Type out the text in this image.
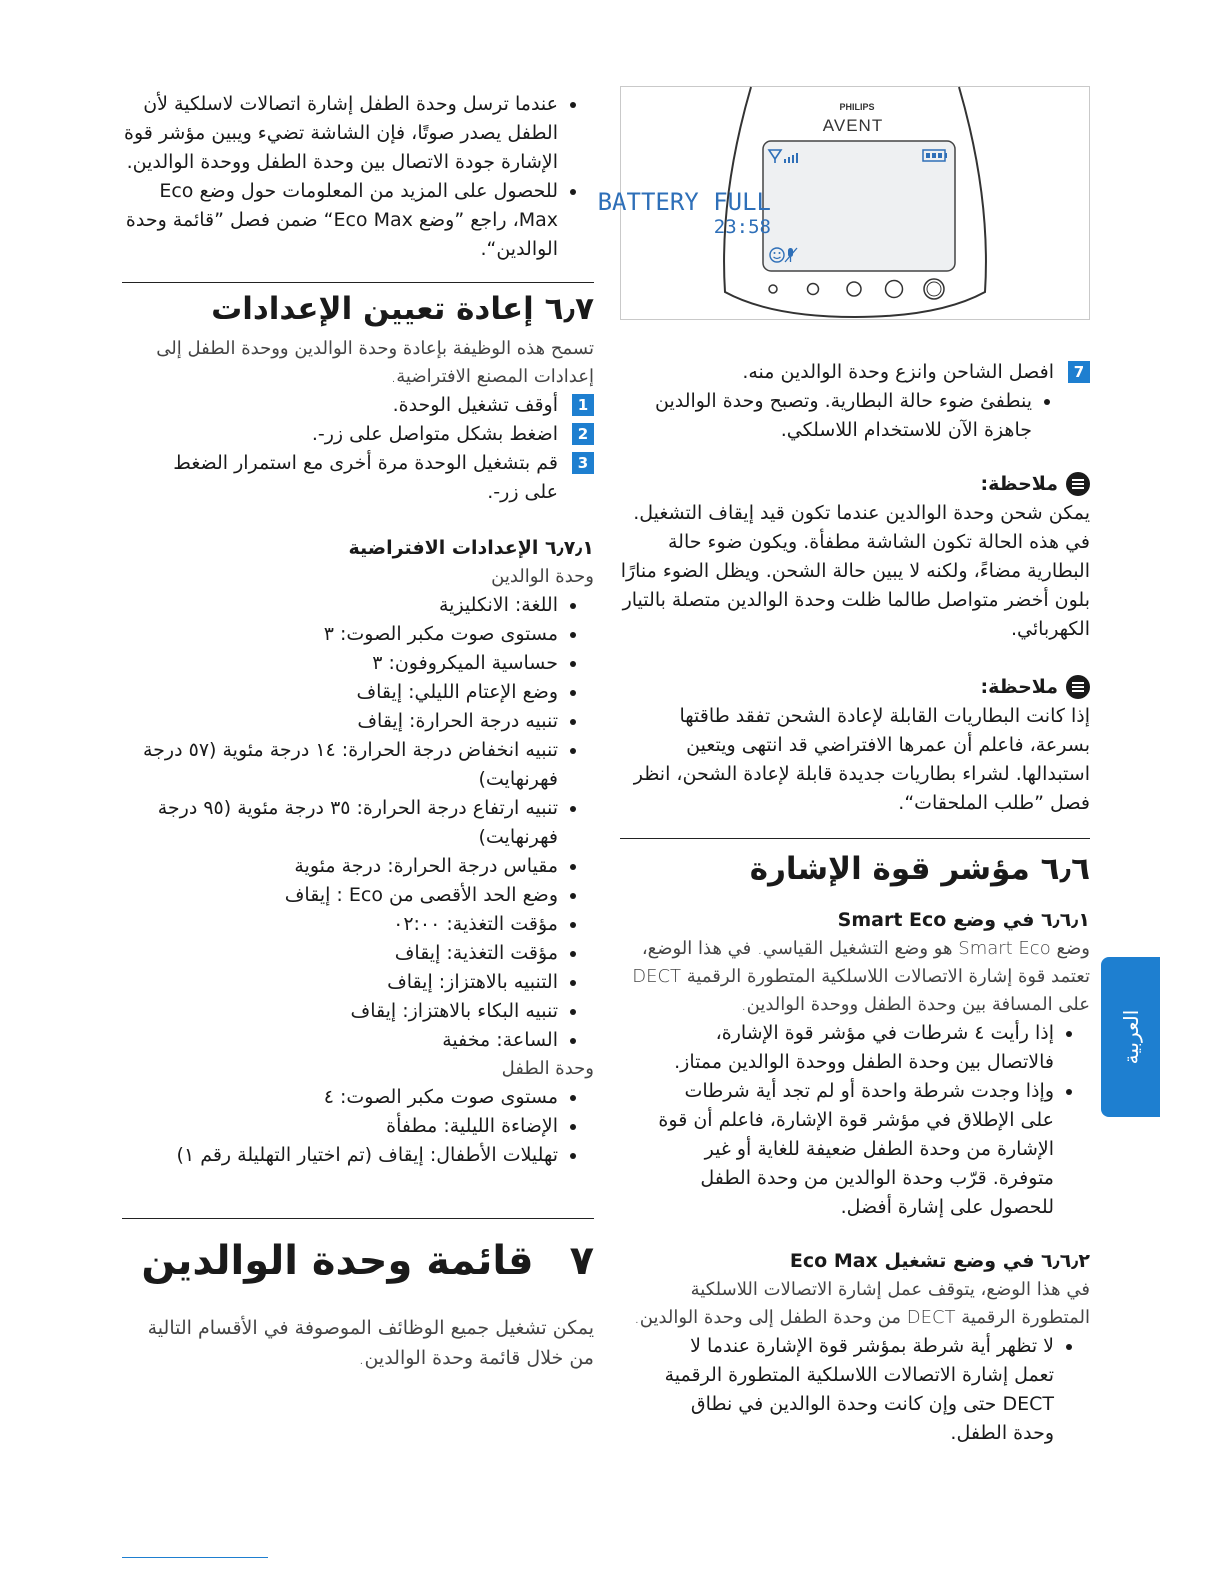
• عندما ترسل وحدة الطفل إشارة اتصالات لاسلكية لأن الطفل يصدر صوتًا، فإن الشاشة تضيء ويبين مؤشر قوة الإشارة جودة الاتصال بين وحدة الطفل ووحدة الوالدين.
• للحصول على المزيد من المعلومات حول وضع Eco Max، راجع ”وضع Eco Max“ ضمن فصل ”قائمة وحدة الوالدين“.
٦٫٧ إعادة تعيين الإعدادات

تسمح هذه الوظيفة بإعادة وحدة الوالدين ووحدة الطفل إلى إعدادات المصنع الافتراضية.

1
أوقف تشغيل الوحدة.
2
اضغط بشكل متواصل على زر-.
3
قم بتشغيل الوحدة مرة أخرى مع استمرار الضغط على زر-.
٦٫٧٫١ الإعدادات الافتراضية

وحدة الوالدين

• اللغة: الانكليزية
• مستوى صوت مكبر الصوت: ٣
• حساسية الميكروفون: ٣
• وضع الإعتام الليلي: إيقاف
• تنبيه درجة الحرارة: إيقاف
• تنبيه انخفاض درجة الحرارة: ١٤ درجة مئوية (٥٧ درجة فهرنهايت)
• تنبيه ارتفاع درجة الحرارة: ٣٥ درجة مئوية (٩٥ درجة فهرنهايت)
• مقياس درجة الحرارة: درجة مئوية
• وضع الحد الأقصى من Eco : إيقاف
• مؤقت التغذية: ٠٢:٠٠
• مؤقت التغذية: إيقاف
• التنبيه بالاهتزاز: إيقاف
• تنبيه البكاء بالاهتزاز: إيقاف
• الساعة: مخفية

وحدة الطفل

• مستوى صوت مكبر الصوت: ٤
• الإضاءة الليلية: مطفأة
• تهليلات الأطفال: إيقاف (تم اختيار التهليلة رقم ١)
٧قائمة وحدة الوالدين

يمكن تشغيل جميع الوظائف الموصوفة في الأقسام التالية من خلال قائمة وحدة الوالدين.

PHILIPS
AVENT
BATTERY FULL
23:58
7
افصل الشاحن وانزع وحدة الوالدين منه.
• ينطفئ ضوء حالة البطارية. وتصبح وحدة الوالدين جاهزة الآن للاستخدام اللاسلكي.
ملاحظة:

يمكن شحن وحدة الوالدين عندما تكون قيد إيقاف التشغيل. في هذه الحالة تكون الشاشة مطفأة. ويكون ضوء حالة البطارية مضاءً، ولكنه لا يبين حالة الشحن. ويظل الضوء منارًا بلون أخضر متواصل طالما ظلت وحدة الوالدين متصلة بالتيار الكهربائي.

ملاحظة:

إذا كانت البطاريات القابلة لإعادة الشحن تفقد طاقتها بسرعة، فاعلم أن عمرها الافتراضي قد انتهى ويتعين استبدالها. لشراء بطاريات جديدة قابلة لإعادة الشحن، انظر فصل ”طلب الملحقات“.

٦٫٦ مؤشر قوة الإشارة
٦٫٦٫١ في وضع Smart Eco

وضع Smart Eco هو وضع التشغيل القياسي. في هذا الوضع، تعتمد قوة إشارة الاتصالات اللاسلكية المتطورة الرقمية DECT على المسافة بين وحدة الطفل ووحدة الوالدين.

• إذا رأيت ٤ شرطات في مؤشر قوة الإشارة، فالاتصال بين وحدة الطفل ووحدة الوالدين ممتاز.
• وإذا وجدت شرطة واحدة أو لم تجد أية شرطات على الإطلاق في مؤشر قوة الإشارة، فاعلم أن قوة الإشارة من وحدة الطفل ضعيفة للغاية أو غير متوفرة. قرّب وحدة الوالدين من وحدة الطفل للحصول على إشارة أفضل.
٦٫٦٫٢ في وضع تشغيل Eco Max

في هذا الوضع، يتوقف عمل إشارة الاتصالات اللاسلكية المتطورة الرقمية DECT من وحدة الطفل إلى وحدة الوالدين.

• لا تظهر أية شرطة بمؤشر قوة الإشارة عندما لا تعمل إشارة الاتصالات اللاسلكية المتطورة الرقمية DECT حتى وإن كانت وحدة الوالدين في نطاق وحدة الطفل.
العربية
